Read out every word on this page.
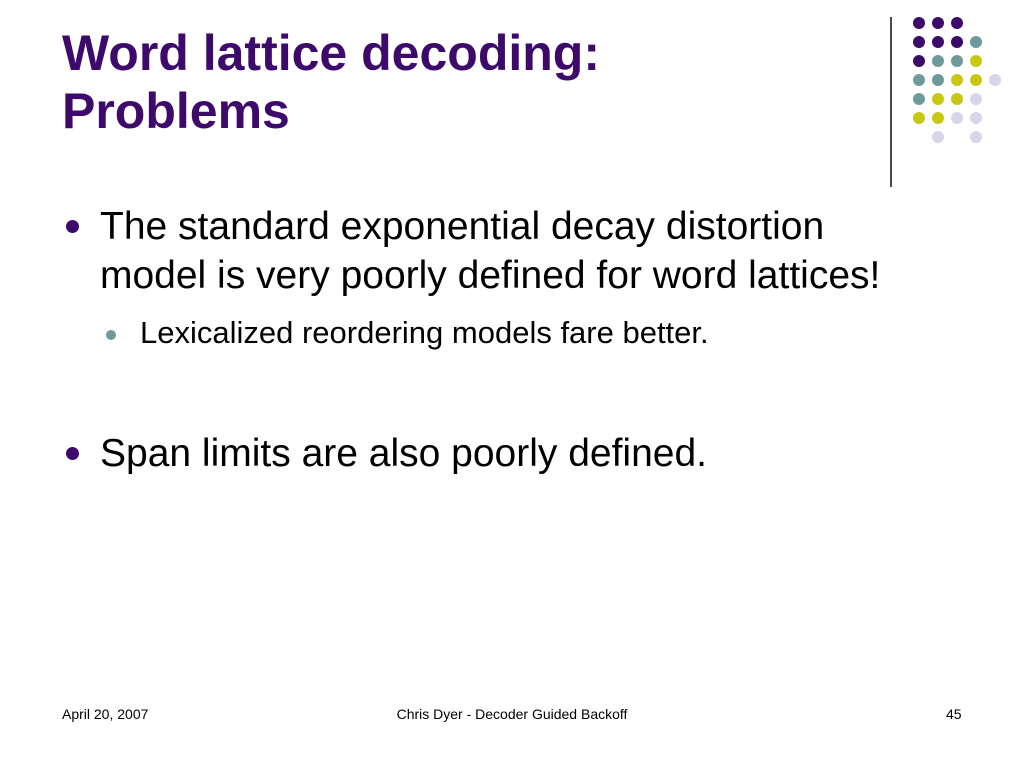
Word lattice decoding:
Problems
The standard exponential decay distortion
model is very poorly defined for word lattices!
Lexicalized reordering models fare better.
Span limits are also poorly defined.
April 20, 2007	Chris Dyer - Decoder Guided Backoff	45
